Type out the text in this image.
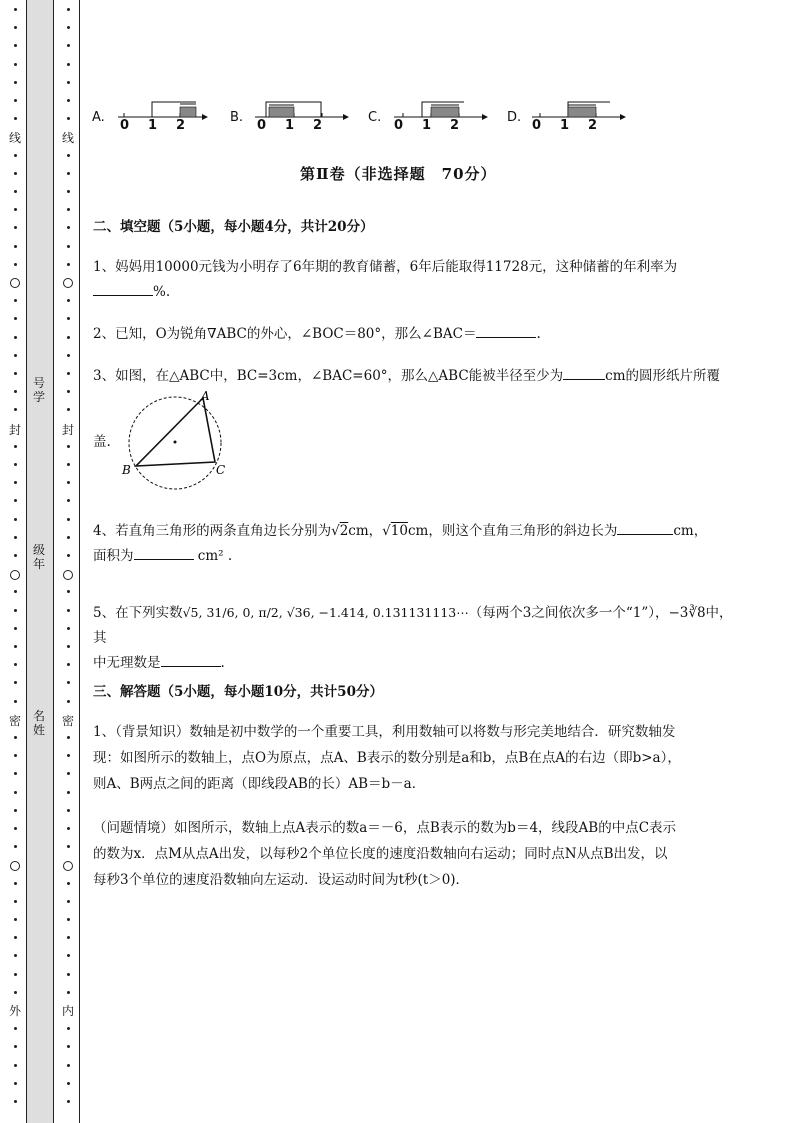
线
封
密
外
号学
级年
名姓
线
封
密
内
A.	B.	C.	D.
0 1 2	0 1 2	0 1 2	0 1 2
第Ⅱ卷（非选择题　70分）
二、填空题（5小题，每小题4分，共计20分）
1、妈妈用10000元钱为小明存了6年期的教育储蓄，6年后能取得11728元，这种储蓄的年利率为
%.
2、已知，O为锐角∇ABC的外心，∠BOC＝80°，那么∠BAC＝	.
3、如图，在△ABC中，BC=3cm，∠BAC=60°，那么△ABC能被半径至少为	cm的圆形纸片所覆
盖.
A
B	C
4、若直角三角形的两条直角边长分别为√2cm，√10cm，则这个直角三角形的斜边长为	cm，
面积为	cm² .
5、在下列实数√5, 31/6, 0, π/2, √36, −1.414, 0.131131113⋯（每两个3之间依次多一个“1”），−3∛8中，其
中无理数是	.
三、解答题（5小题，每小题10分，共计50分）
1、（背景知识）数轴是初中数学的一个重要工具，利用数轴可以将数与形完美地结合．研究数轴发
现：如图所示的数轴上，点O为原点，点A、B表示的数分别是a和b，点B在点A的右边（即b>a），
则A、B两点之间的距离（即线段AB的长）AB＝b－a．
（问题情境）如图所示，数轴上点A表示的数a＝－6，点B表示的数为b＝4，线段AB的中点C表示
的数为x．点M从点A出发，以每秒2个单位长度的速度沿数轴向右运动；同时点N从点B出发，以
每秒3个单位的速度沿数轴向左运动．设运动时间为t秒(t＞0)．
